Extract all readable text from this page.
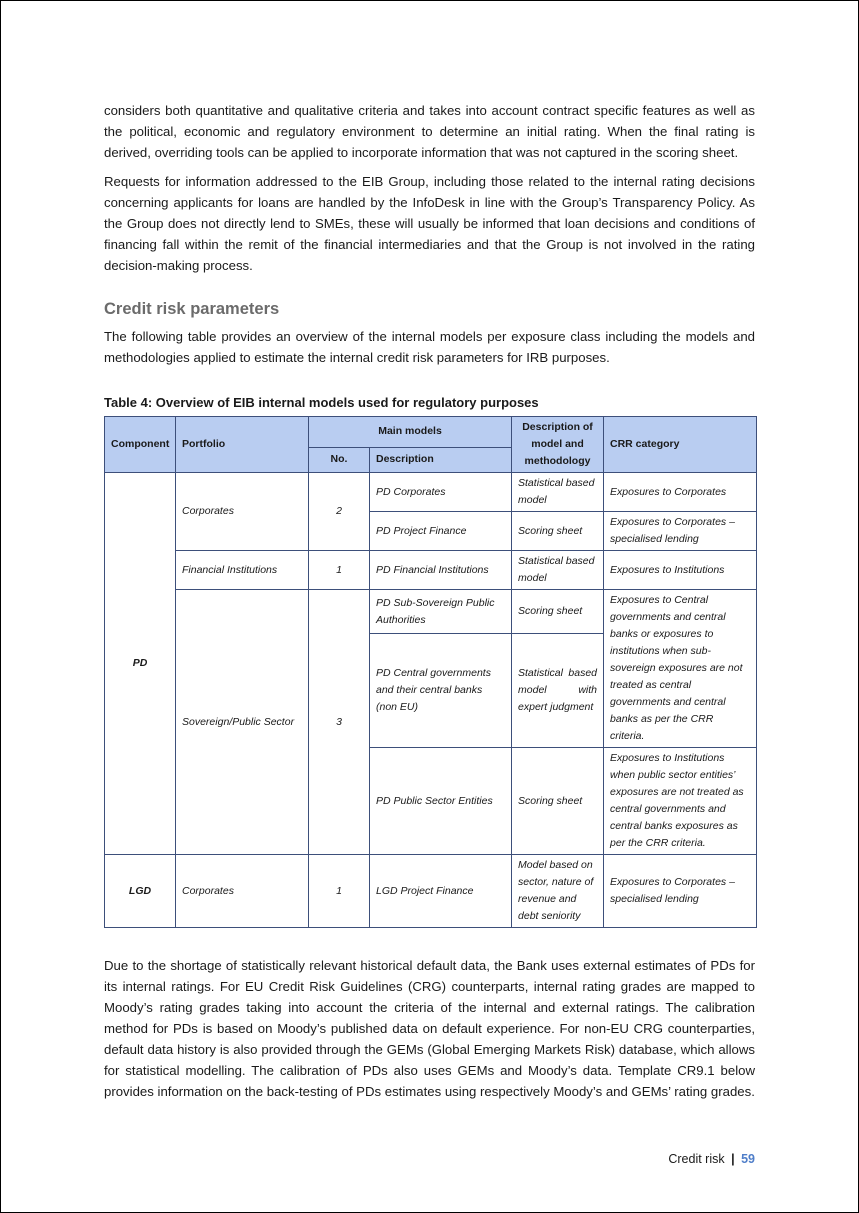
considers both quantitative and qualitative criteria and takes into account contract specific features as well as the political, economic and regulatory environment to determine an initial rating. When the final rating is derived, overriding tools can be applied to incorporate information that was not captured in the scoring sheet.

Requests for information addressed to the EIB Group, including those related to the internal rating decisions concerning applicants for loans are handled by the InfoDesk in line with the Group’s Transparency Policy. As the Group does not directly lend to SMEs, these will usually be informed that loan decisions and conditions of financing fall within the remit of the financial intermediaries and that the Group is not involved in the rating decision-making process.

Credit risk parameters

The following table provides an overview of the internal models per exposure class including the models and methodologies applied to estimate the internal credit risk parameters for IRB purposes.

Table 4: Overview of EIB internal models used for regulatory purposes
Component	Portfolio	Main models		Description of model and methodology	CRR category
		No.	Description		
PD	Corporates	2	PD Corporates	Statistical based model	Exposures to Corporates
			PD Project Finance	Scoring sheet	Exposures to Corporates – specialised lending
	Financial Institutions	1	PD Financial Institutions	Statistical based model	Exposures to Institutions
	Sovereign/Public Sector	3	PD Sub-Sovereign Public Authorities	Scoring sheet	Exposures to Central governments and central banks or exposures to institutions when sub-sovereign exposures are not treated as central governments and central banks as per the CRR criteria.
			PD Central governments and their central banks (non EU)	Statistical based model with expert judgment	
			PD Public Sector Entities	Scoring sheet	Exposures to Institutions when public sector entities’ exposures are not treated as central governments and central banks exposures as per the CRR criteria.
LGD	Corporates	1	LGD Project Finance	Model based on sector, nature of revenue and debt seniority	Exposures to Corporates – specialised lending

Due to the shortage of statistically relevant historical default data, the Bank uses external estimates of PDs for its internal ratings. For EU Credit Risk Guidelines (CRG) counterparts, internal rating grades are mapped to Moody’s rating grades taking into account the criteria of the internal and external ratings. The calibration method for PDs is based on Moody’s published data on default experience. For non-EU CRG counterparties, default data history is also provided through the GEMs (Global Emerging Markets Risk) database, which allows for statistical modelling. The calibration of PDs also uses GEMs and Moody’s data. Template CR9.1 below provides information on the back-testing of PDs estimates using respectively Moody’s and GEMs’ rating grades.

Credit risk | 59
